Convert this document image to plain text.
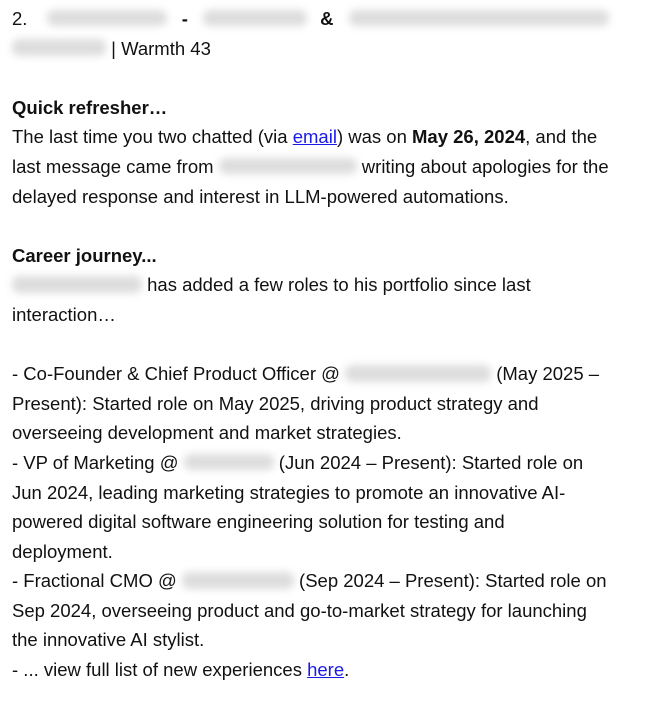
2.	-	&
| Warmth 43
Quick refresher…
The last time you two chatted (via email) was on May 26, 2024, and the
last message came from	writing about apologies for the
delayed response and interest in LLM-powered automations.
Career journey...
has added a few roles to his portfolio since last
interaction…
- Co-Founder & Chief Product Officer @	(May 2025 –
Present): Started role on May 2025, driving product strategy and
overseeing development and market strategies.
- VP of Marketing @	(Jun 2024 – Present): Started role on
Jun 2024, leading marketing strategies to promote an innovative AI-
powered digital software engineering solution for testing and
deployment.
- Fractional CMO @	(Sep 2024 – Present): Started role on
Sep 2024, overseeing product and go-to-market strategy for launching
the innovative AI stylist.
- ... view full list of new experiences here.
